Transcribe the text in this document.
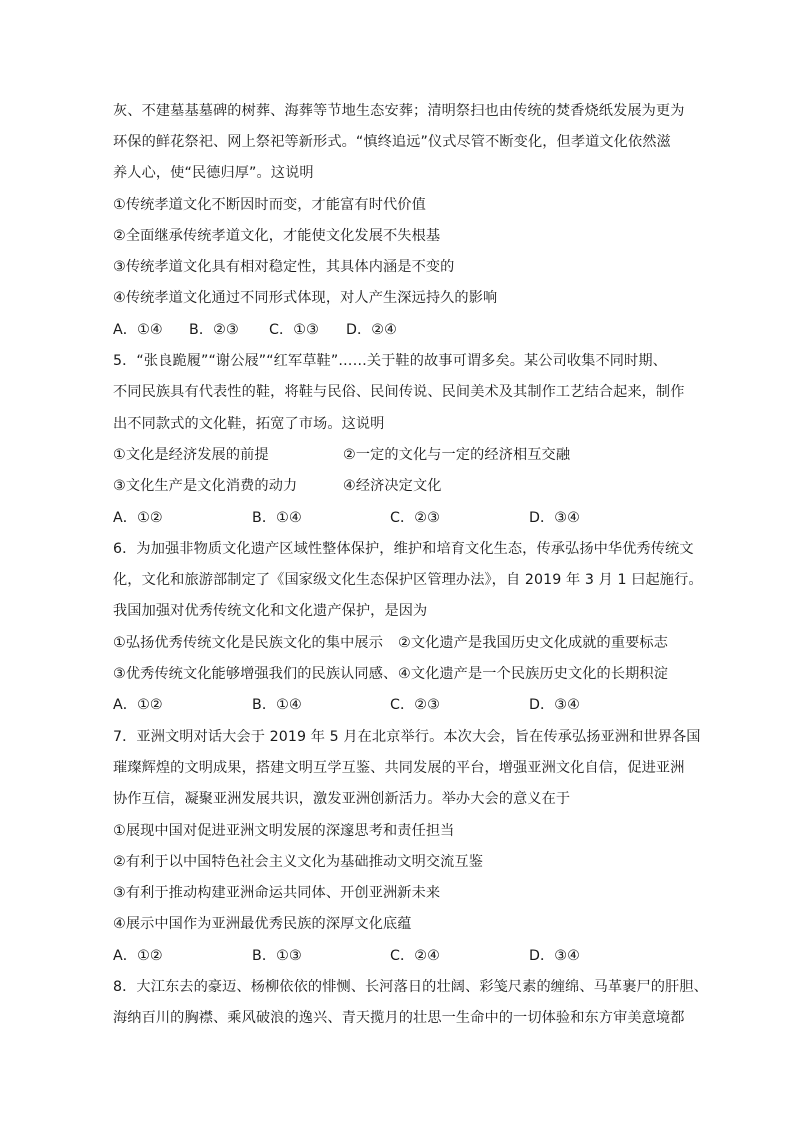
灰、不建墓基墓碑的树葬、海葬等节地生态安葬；清明祭扫也由传统的焚香烧纸发展为更为
环保的鲜花祭祀、网上祭祀等新形式。“慎终追远”仪式尽管不断变化，但孝道文化依然滋
养人心，使“民德归厚”。这说明
①传统孝道文化不断因时而变，才能富有时代价值
②全面继承传统孝道文化，才能使文化发展不失根基
③传统孝道文化具有相对稳定性，其具体内涵是不变的
④传统孝道文化通过不同形式体现，对人产生深远持久的影响
A．①④ B．②③ C．①③ D．②④
5．“张良跪履”“谢公屐”“红军草鞋”……关于鞋的故事可谓多矣。某公司收集不同时期、
不同民族具有代表性的鞋，将鞋与民俗、民间传说、民间美术及其制作工艺结合起来，制作
出不同款式的文化鞋，拓宽了市场。这说明
①文化是经济发展的前提	②一定的文化与一定的经济相互交融
③文化生产是文化消费的动力	④经济决定文化
A．①②	B．①④	C．②③	D．③④
6．为加强非物质文化遗产区域性整体保护，维护和培育文化生态，传承弘扬中华优秀传统文
化，文化和旅游部制定了《国家级文化生态保护区管理办法》，自 2019 年 3 月 1 曰起施行。
我国加强对优秀传统文化和文化遗产保护，是因为
①弘扬优秀传统文化是民族文化的集中展示 ②文化遗产是我国历史文化成就的重要标志
③优秀传统文化能够增强我们的民族认同感、 ④文化遗产是一个民族历史文化的长期积淀
A．①②	B．①④	C．②③	D．③④
7．亚洲文明对话大会于 2019 年 5 月在北京举行。本次大会，旨在传承弘扬亚洲和世界各国
璀璨辉煌的文明成果，搭建文明互学互鉴、共同发展的平台，增强亚洲文化自信，促进亚洲
协作互信，凝聚亚洲发展共识，激发亚洲创新活力。举办大会的意义在于
①展现中国对促进亚洲文明发展的深邃思考和责任担当
②有利于以中国特色社会主义文化为基础推动文明交流互鉴
③有利于推动构建亚洲命运共同体、开创亚洲新未来
④展示中国作为亚洲最优秀民族的深厚文化底蕴
A．①②	B．①③	C．②④	D．③④
8．大江东去的豪迈、杨柳依依的悱恻、长河落日的壮阔、彩笺尺素的缠绵、马革裹尸的肝胆、
海纳百川的胸襟、乘风破浪的逸兴、青天揽月的壮思一生命中的一切体验和东方审美意境都
